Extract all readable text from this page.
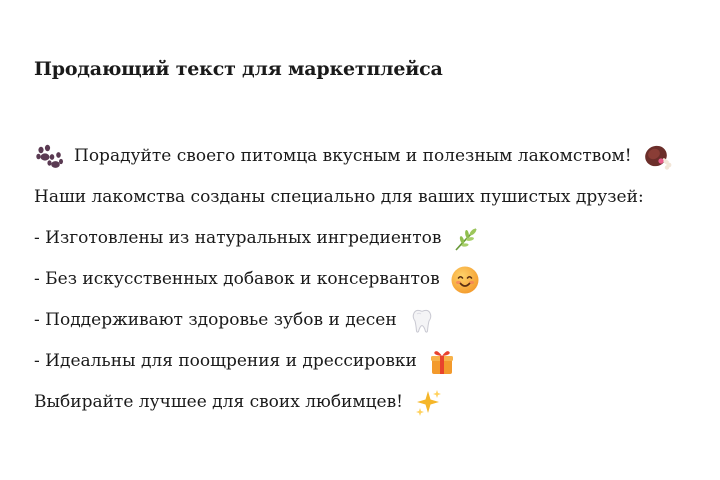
Продающий текст для маркетплейса
Порадуйте своего питомца вкусным и полезным лакомством!
Наши лакомства созданы специально для ваших пушистых друзей:
- Изготовлены из натуральных ингредиентов
- Без искусственных добавок и консервантов
- Поддерживают здоровье зубов и десен
- Идеальны для поощрения и дрессировки
Выбирайте лучшее для своих любимцев!
